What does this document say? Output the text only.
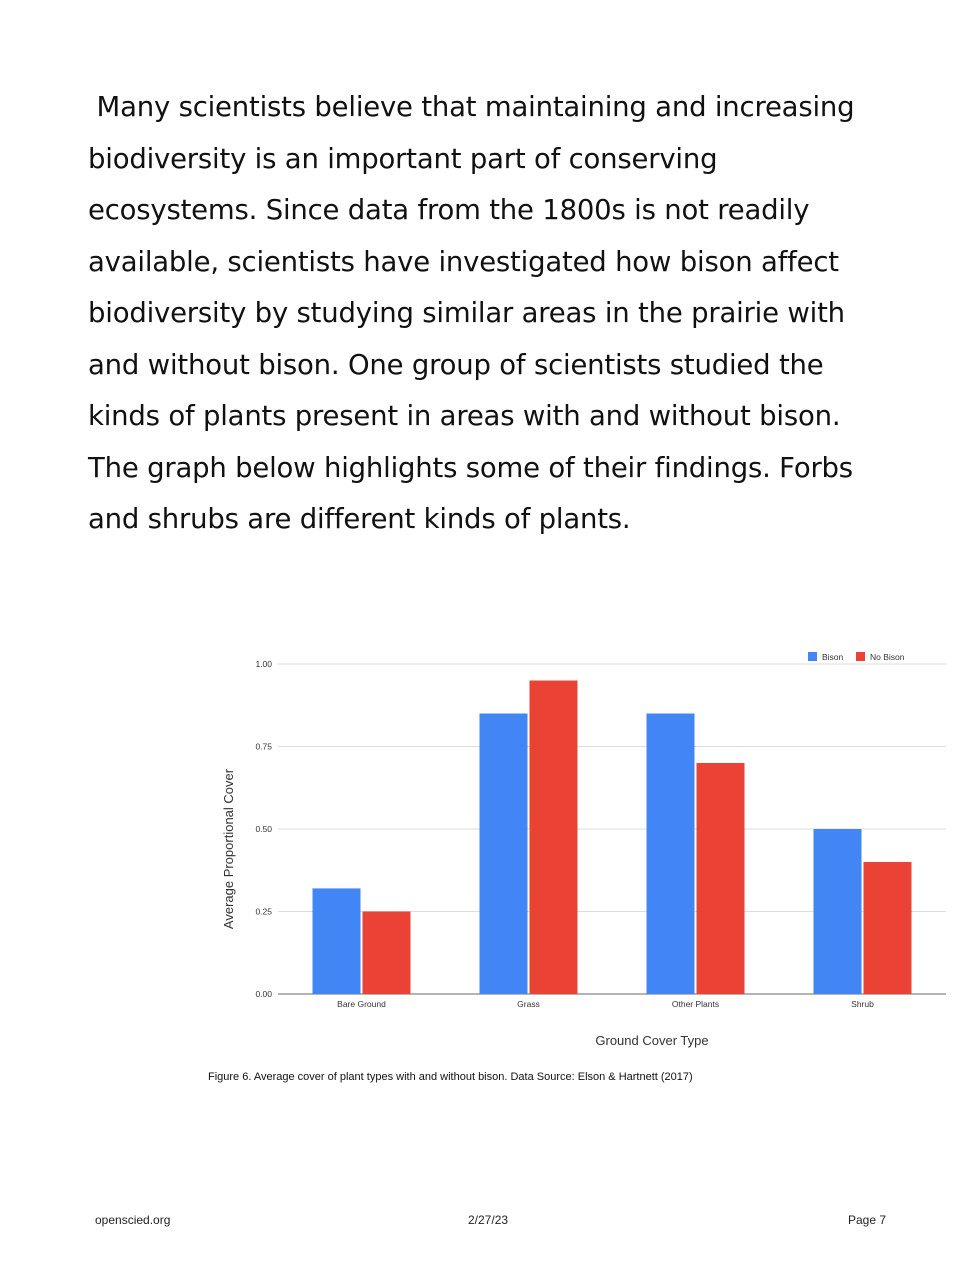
Many scientists believe that maintaining and increasing biodiversity is an important part of conserving ecosystems. Since data from the 1800s is not readily available, scientists have investigated how bison affect biodiversity by studying similar areas in the prairie with and without bison. One group of scientists studied the kinds of plants present in areas with and without bison. The graph below highlights some of their findings. Forbs and shrubs are different kinds of plants.

0.00
0.25
0.50
0.75
1.00
Bare Ground	Grass	Other Plants	Shrub
Ground Cover Type
Average Proportional Cover
Bison	No Bison
Figure 6. Average cover of plant types with and without bison. Data Source: Elson & Hartnett (2017)
openscied.org	2/27/23	Page 7
